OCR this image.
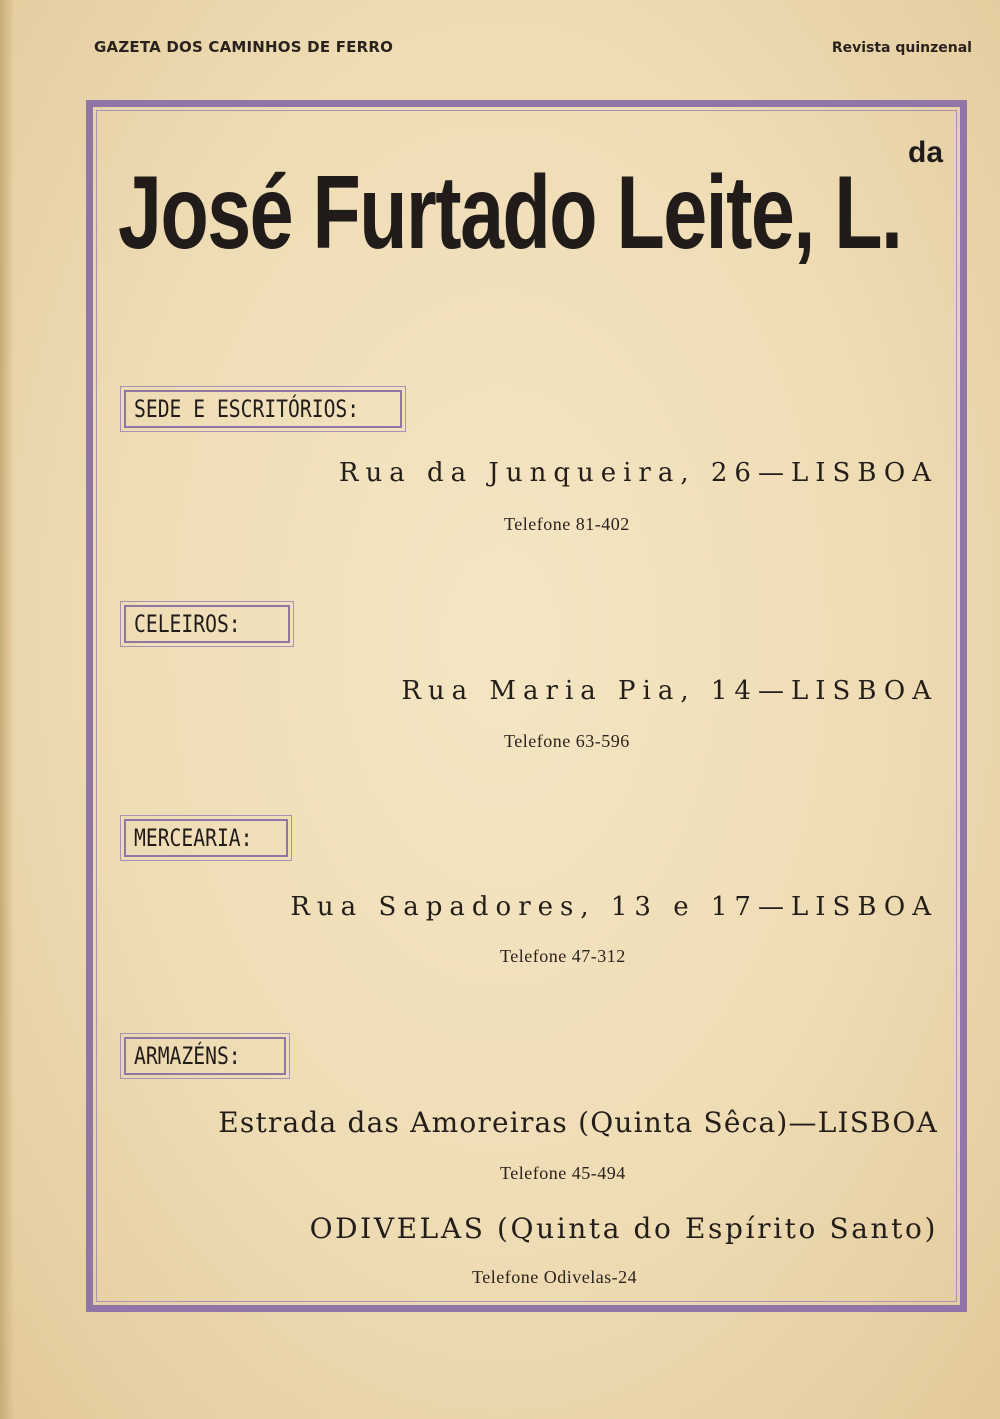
GAZETA DOS CAMINHOS DE FERRO	Revista quinzenal
José Furtado Leite, L.
da
SEDE E ESCRITÓRIOS:
Rua da Junqueira, 26—LISBOA
Telefone 81-402
CELEIROS:
Rua Maria Pia, 14—LISBOA
Telefone 63-596
MERCEARIA:
Rua Sapadores, 13 e 17—LISBOA
Telefone 47-312
ARMAZÉNS:
Estrada das Amoreiras (Quinta Sêca)—LISBOA
Telefone 45-494
ODIVELAS (Quinta do Espírito Santo)
Telefone Odivelas-24
